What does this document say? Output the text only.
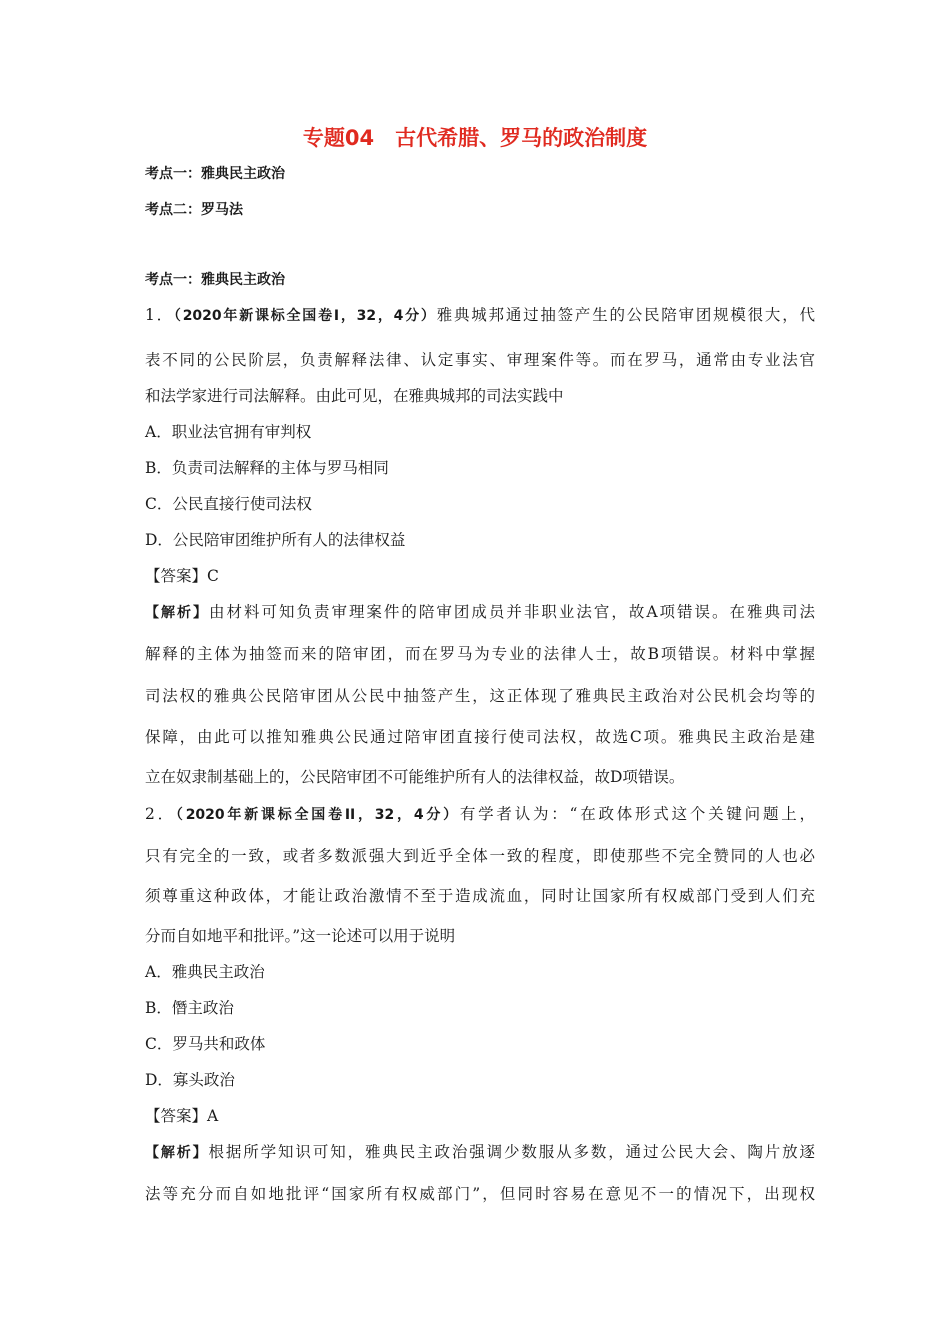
专题04　古代希腊、罗马的政治制度
考点一：雅典民主政治
考点二：罗马法
考点一：雅典民主政治
1．（2020年新课标全国卷Ⅰ，32，4分）雅典城邦通过抽签产生的公民陪审团规模很大，代
表不同的公民阶层，负责解释法律、认定事实、审理案件等。而在罗马，通常由专业法官
和法学家进行司法解释。由此可见，在雅典城邦的司法实践中
A．职业法官拥有审判权
B．负责司法解释的主体与罗马相同
C．公民直接行使司法权
D．公民陪审团维护所有人的法律权益
【答案】C
【解析】由材料可知负责审理案件的陪审团成员并非职业法官，故A项错误。在雅典司法
解释的主体为抽签而来的陪审团，而在罗马为专业的法律人士，故B项错误。材料中掌握
司法权的雅典公民陪审团从公民中抽签产生，这正体现了雅典民主政治对公民机会均等的
保障，由此可以推知雅典公民通过陪审团直接行使司法权，故选C项。雅典民主政治是建
立在奴隶制基础上的，公民陪审团不可能维护所有人的法律权益，故D项错误。
2．（2020年新课标全国卷II，32，4分）有学者认为：“在政体形式这个关键问题上，
只有完全的一致，或者多数派强大到近乎全体一致的程度，即使那些不完全赞同的人也必
须尊重这种政体，才能让政治激情不至于造成流血，同时让国家所有权威部门受到人们充
分而自如地平和批评。”这一论述可以用于说明
A．雅典民主政治
B．僭主政治
C．罗马共和政体
D．寡头政治
【答案】A
【解析】根据所学知识可知，雅典民主政治强调少数服从多数，通过公民大会、陶片放逐
法等充分而自如地批评“国家所有权威部门”，但同时容易在意见不一的情况下，出现权
